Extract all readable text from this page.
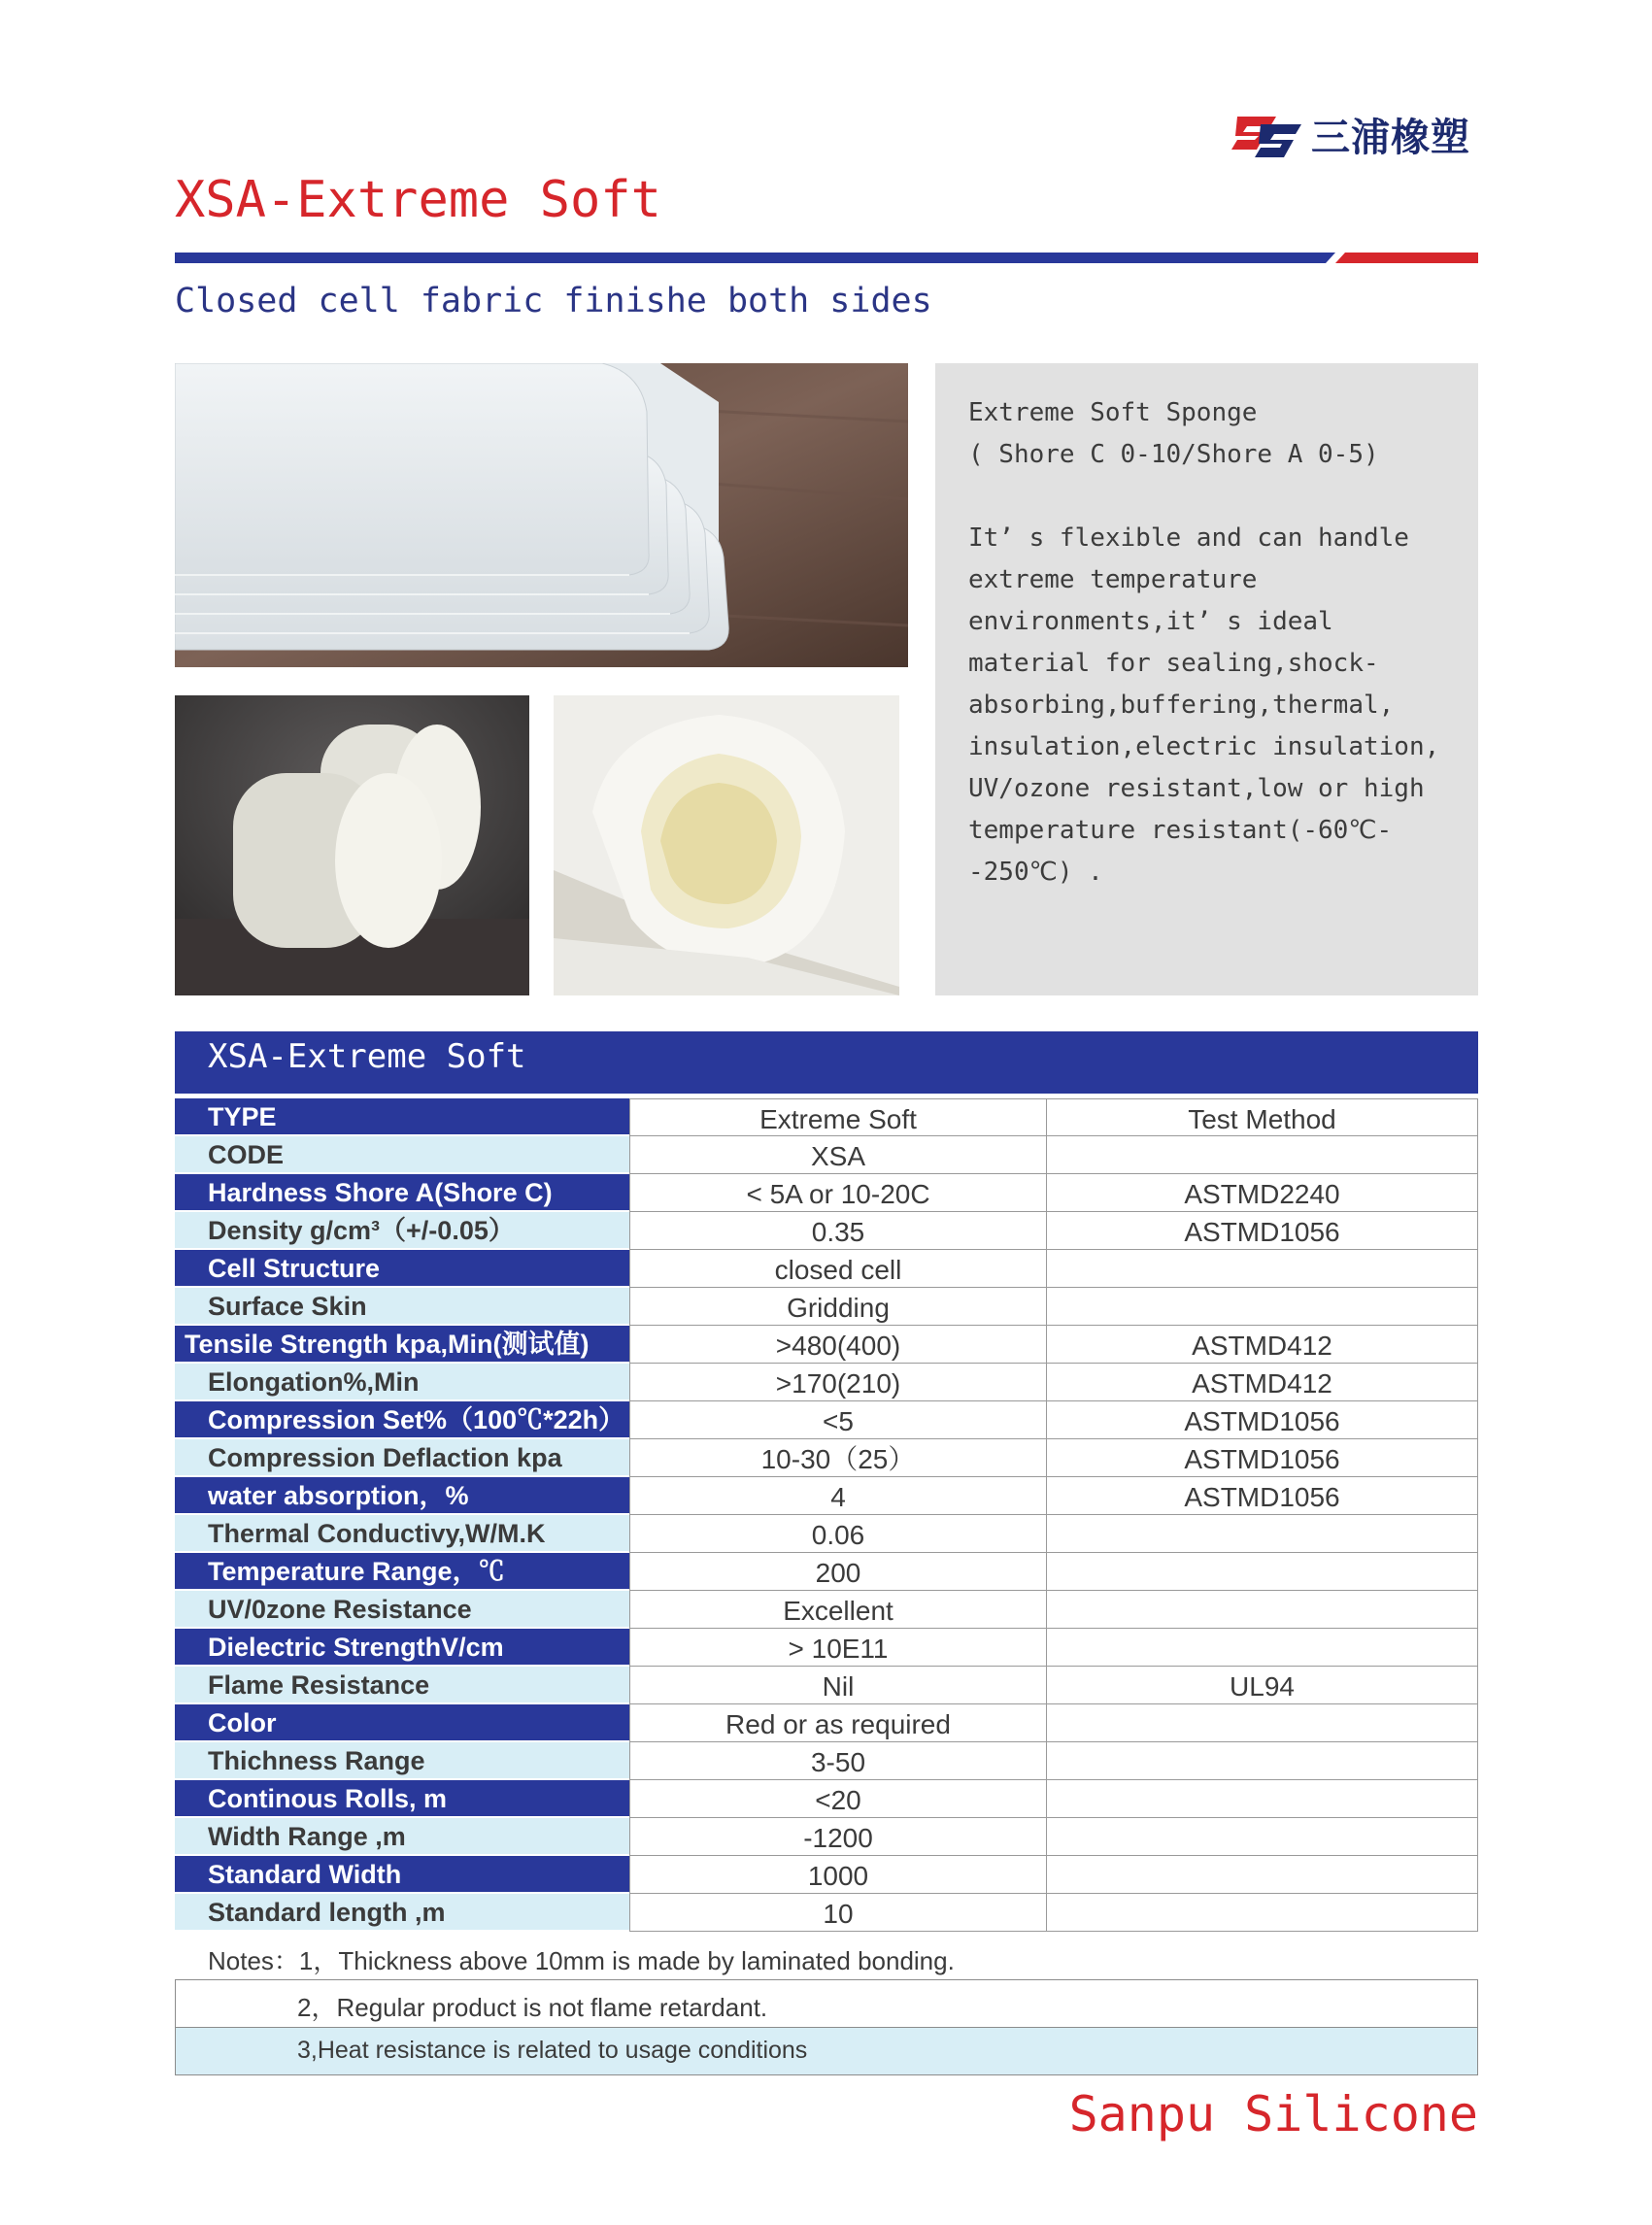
三浦橡塑
XSA-Extreme Soft
Closed cell fabric finishe both sides

Extreme Soft Sponge

( Shore C 0-10/Shore A 0-5)

It’ s flexible and can handle extreme temperature environments,it’ s ideal material for sealing,shock-absorbing,buffering,thermal, insulation,electric insulation, UV/ozone resistant,low or high temperature resistant(-60℃--250℃) .

XSA-Extreme Soft
TYPE	Extreme Soft	Test Method
CODE	XSA
Hardness Shore A(Shore C)	< 5A or 10-20C	ASTMD2240
Density g/cm³（+/-0.05）	0.35	ASTMD1056
Cell Structure	closed cell
Surface Skin	Gridding
Tensile Strength kpa,Min(测试值)	>480(400)	ASTMD412
Elongation%,Min	>170(210)	ASTMD412
Compression Set%（100℃*22h）	<5	ASTMD1056
Compression Deflaction kpa	10-30（25）	ASTMD1056
water absorption，%	4	ASTMD1056
Thermal Conductivy,W/M.K	0.06
Temperature Range，℃	200
UV/0zone Resistance	Excellent
Dielectric StrengthV/cm	> 10E11
Flame Resistance	Nil	UL94
Color	Red or as required
Thichness Range	3-50
Continous Rolls, m	<20
Width Range ,m	-1200
Standard Width	1000
Standard length ,m	10
Notes：1，Thickness above 10mm is made by laminated bonding.
2，Regular product is not flame retardant.
3,Heat resistance is related to usage conditions
Sanpu Silicone
